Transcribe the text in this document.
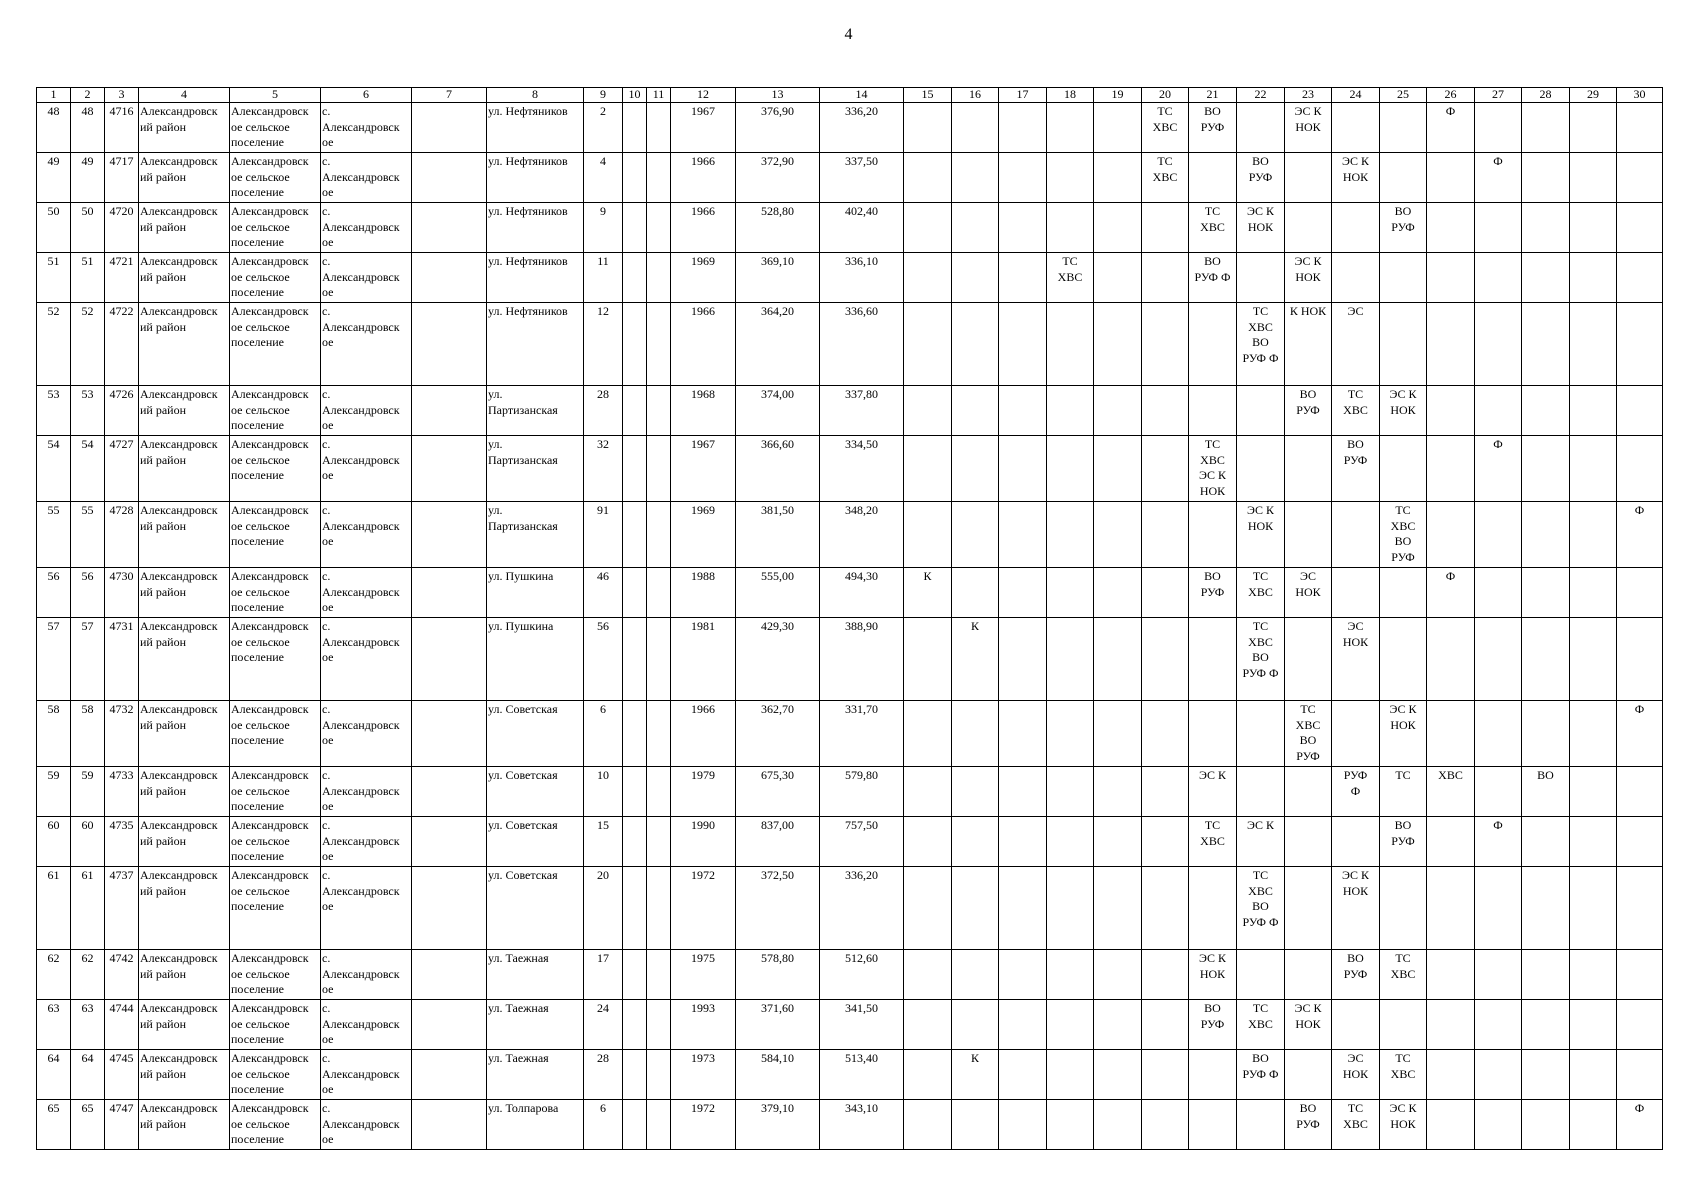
4
1	2	3	4	5	6	7	8	9	10	11	12	13	14	15	16	17	18	19	20	21	22	23	24	25	26	27	28	29	30
48	48	4716	Александровск
ий район	Александровск
ое сельское
поселение	с.
Александровск
ое		ул. Нефтяников	2			1967	376,90	336,20						ТС
ХВС	ВО
РУФ		ЭС К
НОК			Ф				
49	49	4717	Александровск
ий район	Александровск
ое сельское
поселение	с.
Александровск
ое		ул. Нефтяников	4			1966	372,90	337,50						ТС
ХВС		ВО
РУФ		ЭС К
НОК			Ф			
50	50	4720	Александровск
ий район	Александровск
ое сельское
поселение	с.
Александровск
ое		ул. Нефтяников	9			1966	528,80	402,40							ТС
ХВС	ЭС К
НОК			ВО
РУФ					
51	51	4721	Александровск
ий район	Александровск
ое сельское
поселение	с.
Александровск
ое		ул. Нефтяников	11			1969	369,10	336,10				ТС
ХВС			ВО
РУФ Ф		ЭС К
НОК							
52	52	4722	Александровск
ий район	Александровск
ое сельское
поселение	с.
Александровск
ое		ул. Нефтяников	12			1966	364,20	336,60								ТС
ХВС
ВО
РУФ Ф	К НОК	ЭС						
53	53	4726	Александровск
ий район	Александровск
ое сельское
поселение	с.
Александровск
ое		ул.
Партизанская	28			1968	374,00	337,80									ВО
РУФ	ТС
ХВС	ЭС К
НОК					
54	54	4727	Александровск
ий район	Александровск
ое сельское
поселение	с.
Александровск
ое		ул.
Партизанская	32			1967	366,60	334,50							ТС
ХВС
ЭС К
НОК			ВО
РУФ			Ф			
55	55	4728	Александровск
ий район	Александровск
ое сельское
поселение	с.
Александровск
ое		ул.
Партизанская	91			1969	381,50	348,20								ЭС К
НОК			ТС
ХВС
ВО
РУФ					Ф
56	56	4730	Александровск
ий район	Александровск
ое сельское
поселение	с.
Александровск
ое		ул. Пушкина	46			1988	555,00	494,30	К						ВО
РУФ	ТС
ХВС	ЭС
НОК			Ф				
57	57	4731	Александровск
ий район	Александровск
ое сельское
поселение	с.
Александровск
ое		ул. Пушкина	56			1981	429,30	388,90		К						ТС
ХВС
ВО
РУФ Ф		ЭС
НОК						
58	58	4732	Александровск
ий район	Александровск
ое сельское
поселение	с.
Александровск
ое		ул. Советская	6			1966	362,70	331,70									ТС
ХВС
ВО
РУФ		ЭС К
НОК					Ф
59	59	4733	Александровск
ий район	Александровск
ое сельское
поселение	с.
Александровск
ое		ул. Советская	10			1979	675,30	579,80							ЭС К			РУФ
Ф	ТС	ХВС		ВО		
60	60	4735	Александровск
ий район	Александровск
ое сельское
поселение	с.
Александровск
ое		ул. Советская	15			1990	837,00	757,50							ТС
ХВС	ЭС К			ВО
РУФ		Ф			
61	61	4737	Александровск
ий район	Александровск
ое сельское
поселение	с.
Александровск
ое		ул. Советская	20			1972	372,50	336,20								ТС
ХВС
ВО
РУФ Ф		ЭС К
НОК						
62	62	4742	Александровск
ий район	Александровск
ое сельское
поселение	с.
Александровск
ое		ул. Таежная	17			1975	578,80	512,60							ЭС К
НОК			ВО
РУФ	ТС
ХВС					
63	63	4744	Александровск
ий район	Александровск
ое сельское
поселение	с.
Александровск
ое		ул. Таежная	24			1993	371,60	341,50							ВО
РУФ	ТС
ХВС	ЭС К
НОК							
64	64	4745	Александровск
ий район	Александровск
ое сельское
поселение	с.
Александровск
ое		ул. Таежная	28			1973	584,10	513,40		К						ВО
РУФ Ф		ЭС
НОК	ТС
ХВС					
65	65	4747	Александровск
ий район	Александровск
ое сельское
поселение	с.
Александровск
ое		ул. Толпарова	6			1972	379,10	343,10									ВО
РУФ	ТС
ХВС	ЭС К
НОК					Ф
